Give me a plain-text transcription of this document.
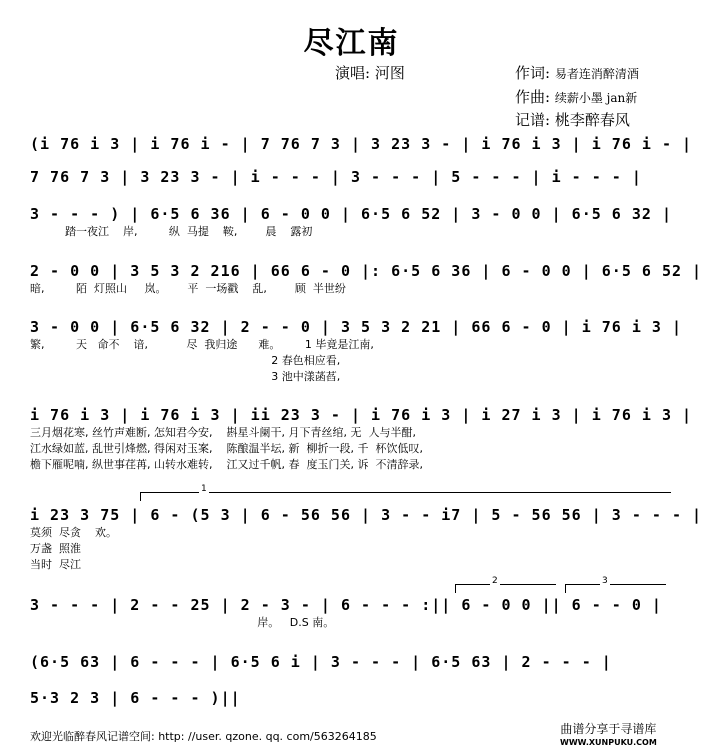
尽江南
演唱: 河图	作词: 易者连消醉清酒
作曲: 续薪小墨 jan新
记谱: 桃李醉春风
(i 76 i 3 | i 76 i - | 7 76 7 3 | 3 23 3 - | i 76 i 3 | i 76 i - |
7 76 7 3 | 3 23 3 - | i - - - | 3 - - - | 5 - - - | i - - - |
3 - - - ) | 6·5 6 36 | 6 - 0 0 | 6·5 6 52 | 3 - 0 0 | 6·5 6 32 |
踏一夜江    岸,         纵  马提    鞍,        晨    露初
2 - 0 0 | 3 5 3 2 216 | 66 6 - 0 |: 6·5 6 36 | 6 - 0 0 | 6·5 6 52 |
暗,         陌  灯照山     岚。      平  一场戳    乱,        顾  半世纷
3 - 0 0 | 6·5 6 32 | 2 - - 0 | 3 5 3 2 21 | 66 6 - 0 | i 76 i 3 |
繁,         天   命不    谙,           尽  我归途      难。       1 毕竟是江南,
2 春色相应看,
3 池中漾菡萏,
i 76 i 3 | i 76 i 3 | ii 23 3 - | i 76 i 3 | i 27 i 3 | i 76 i 3 |
三月烟花寒, 丝竹声难断, 怎知君今安,    斟星斗阑干, 月下青丝绾, 无  人与半酣,
江水绿如蓝, 乱世引烽燃, 得闲对玉案,    陈酿温半坛, 新  柳折一段, 千  杯饮低叹,
檐下雁呢喃, 纵世事荏苒, 山转水难转,    江又过千帆, 春  度玉门关, 诉  不清辞录,
1
i 23 3 75 | 6 - (5 3 | 6 - 56 56 | 3 - - i7 | 5 - 56 56 | 3 - - - |
莫须  尽贪    欢。
万盏  照淮
当时  尽江
2	3
3 - - - | 2 - - 25 | 2 - 3 - | 6 - - - :|| 6 - 0 0 || 6 - - 0 |
岸。   D.S 南。
(6·5 63 | 6 - - - | 6·5 6 i | 3 - - - | 6·5 63 | 2 - - - |
5·3 2 3 | 6 - - - )||
欢迎光临醉春风记谱空间: http: //user. qzone. qq. com/563264185
曲谱分享于寻谱库
WWW.XUNPUKU.COM
